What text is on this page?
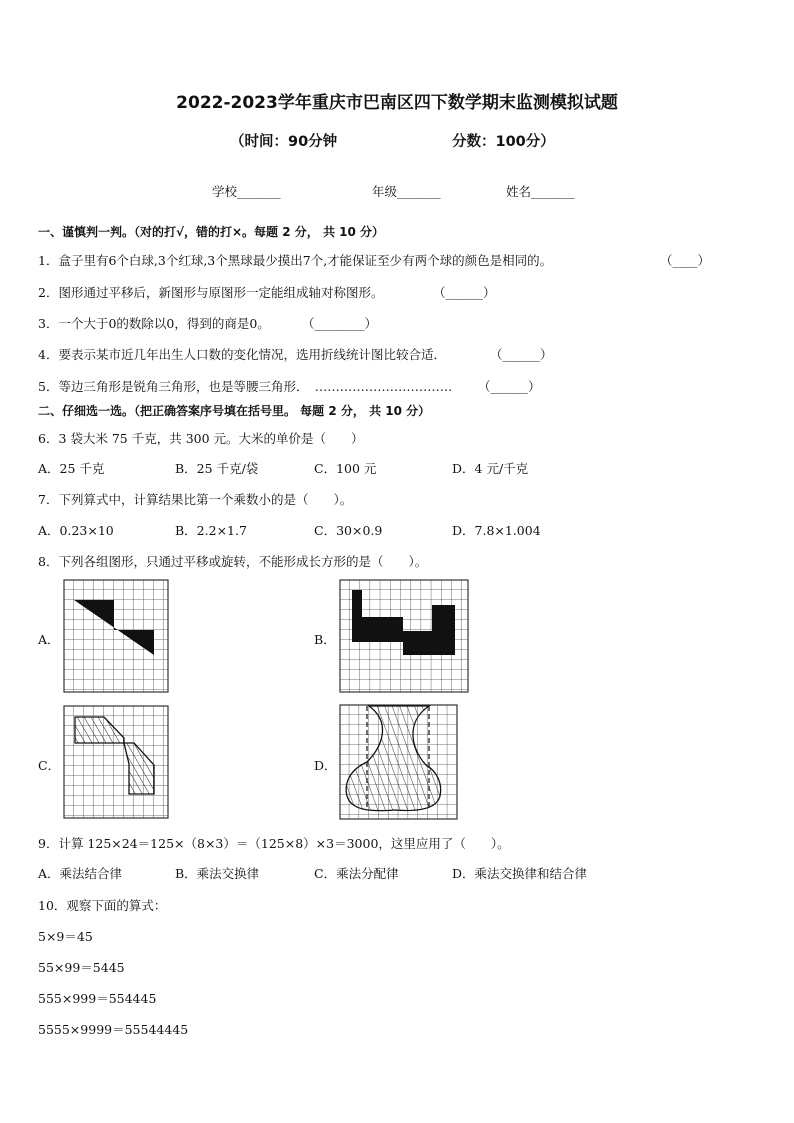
2022-2023学年重庆市巴南区四下数学期末监测模拟试题
（时间：90分钟	分数：100分）
学校_______	年级_______	姓名_______
一、谨慎判一判。（对的打√，错的打×。每题 2 分， 共 10 分）
1．盒子里有6个白球,3个红球,3个黑球最少摸出7个,才能保证至少有两个球的颜色是相同的。	（____）
2．图形通过平移后，新图形与原图形一定能组成轴对称图形。	（______）
3．一个大于0的数除以0，得到的商是0。	（________）
4．要表示某市近几年出生人口数的变化情况，选用折线统计图比较合适．	（______）
5．等边三角形是锐角三角形，也是等腰三角形．　…………………………… （______）
二、仔细选一选。（把正确答案序号填在括号里。 每题 2 分， 共 10 分）
6．3 袋大米 75 千克，共 300 元。大米的单价是（　　）
A．25 千克	B．25 千克/袋	C．100 元	D．4 元/千克
7．下列算式中，计算结果比第一个乘数小的是（　　）。
A．0.23×10	B．2.2×1.7	C．30×0.9	D．7.8×1.004
8．下列各组图形，只通过平移或旋转，不能形成长方形的是（　　）。
A．	B．
C．	D．
9．计算 125×24＝125×（8×3）＝（125×8）×3＝3000，这里应用了（　　）。
A．乘法结合律	B．乘法交换律	C．乘法分配律	D．乘法交换律和结合律
10．观察下面的算式：
5×9＝45
55×99＝5445
555×999＝554445
5555×9999＝55544445
